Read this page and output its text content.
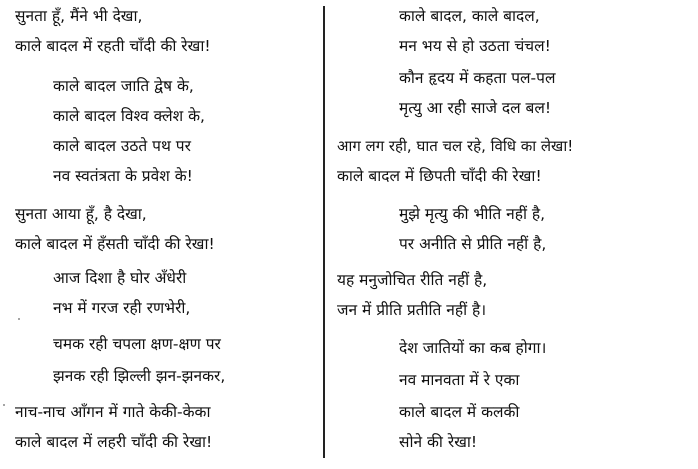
सुनता हूँ, मैंने भी देखा,
काले बादल में रहती चाँदी की रेखा!
काले बादल जाति द्वेष के,
काले बादल विश्व क्लेश के,
काले बादल उठते पथ पर
नव स्वतंत्रता के प्रवेश के!
सुनता आया हूँ, है देखा,
काले बादल में हँसती चाँदी की रेखा!
आज दिशा है घोर अँधेरी
नभ में गरज रही रणभेरी,
चमक रही चपला क्षण-क्षण पर
झनक रही झिल्ली झन-झनकर,
नाच-नाच आँगन में गाते केकी-केका
काले बादल में लहरी चाँदी की रेखा!
काले बादल, काले बादल,
मन भय से हो उठता चंचल!
कौन हृदय में कहता पल-पल
मृत्यु आ रही साजे दल बल!
आग लग रही, घात चल रहे, विधि का लेखा!
काले बादल में छिपती चाँदी की रेखा!
मुझे मृत्यु की भीति नहीं है,
पर अनीति से प्रीति नहीं है,
यह मनुजोचित रीति नहीं है,
जन में प्रीति प्रतीति नहीं है।
देश जातियों का कब होगा।
नव मानवता में रे एका
काले बादल में कलकी
सोने की रेखा!
